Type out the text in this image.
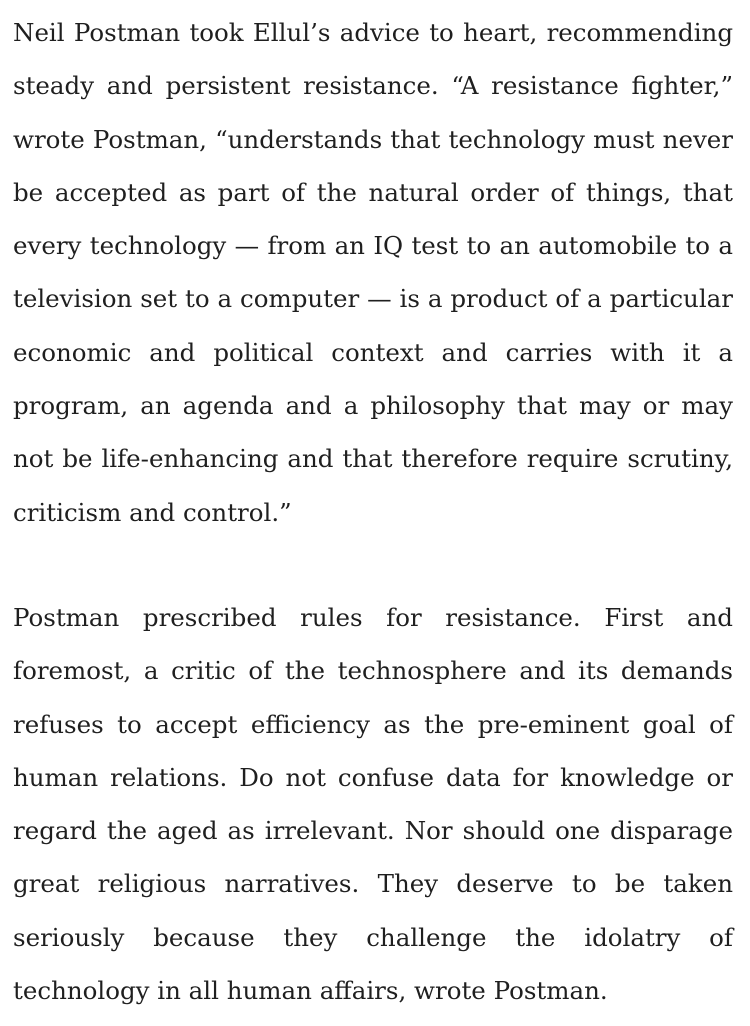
Neil Postman took Ellul’s advice to heart, recommending steady and persistent resistance. “A resistance fighter,” wrote Postman, “understands that technology must never be accepted as part of the natural order of things, that every technology — from an IQ test to an automobile to a television set to a computer — is a product of a particular economic and political context and carries with it a program, an agenda and a philosophy that may or may not be life-enhancing and that therefore require scrutiny, criticism and control.”

Postman prescribed rules for resistance. First and foremost, a critic of the technosphere and its demands refuses to accept efficiency as the pre-eminent goal of human relations. Do not confuse data for knowledge or regard the aged as irrelevant. Nor should one disparage great religious narratives. They deserve to be taken seriously because they challenge the idolatry of technology in all human affairs, wrote Postman.
